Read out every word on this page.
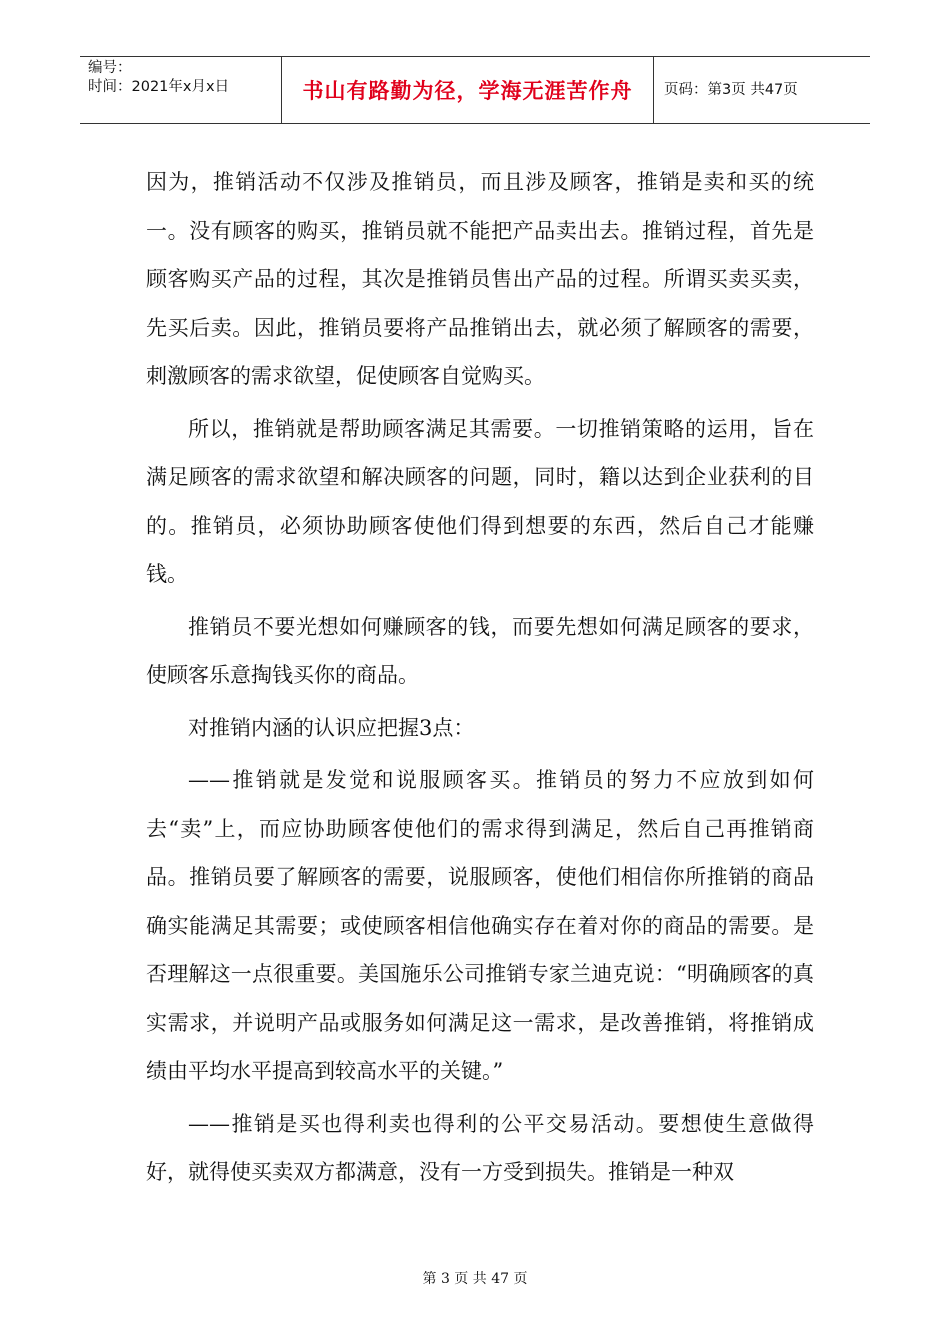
编号：
时间：2021年x月x日	书山有路勤为径，学海无涯苦作舟 页码：第3页 共47页

因为，推销活动不仅涉及推销员，而且涉及顾客，推销是卖和买的统一。没有顾客的购买，推销员就不能把产品卖出去。推销过程，首先是顾客购买产品的过程，其次是推销员售出产品的过程。所谓买卖买卖，先买后卖。因此，推销员要将产品推销出去，就必须了解顾客的需要，刺激顾客的需求欲望，促使顾客自觉购买。

所以，推销就是帮助顾客满足其需要。一切推销策略的运用，旨在满足顾客的需求欲望和解决顾客的问题，同时，籍以达到企业获利的目的。推销员，必须协助顾客使他们得到想要的东西，然后自己才能赚钱。

推销员不要光想如何赚顾客的钱，而要先想如何满足顾客的要求，使顾客乐意掏钱买你的商品。

对推销内涵的认识应把握3点：

——推销就是发觉和说服顾客买。推销员的努力不应放到如何去“卖”上，而应协助顾客使他们的需求得到满足，然后自己再推销商品。推销员要了解顾客的需要，说服顾客，使他们相信你所推销的商品确实能满足其需要；或使顾客相信他确实存在着对你的商品的需要。是否理解这一点很重要。美国施乐公司推销专家兰迪克说：“明确顾客的真实需求，并说明产品或服务如何满足这一需求，是改善推销，将推销成绩由平均水平提高到较高水平的关键。”

——推销是买也得利卖也得利的公平交易活动。要想使生意做得好，就得使买卖双方都满意，没有一方受到损失。推销是一种双

第 3 页 共 47 页
